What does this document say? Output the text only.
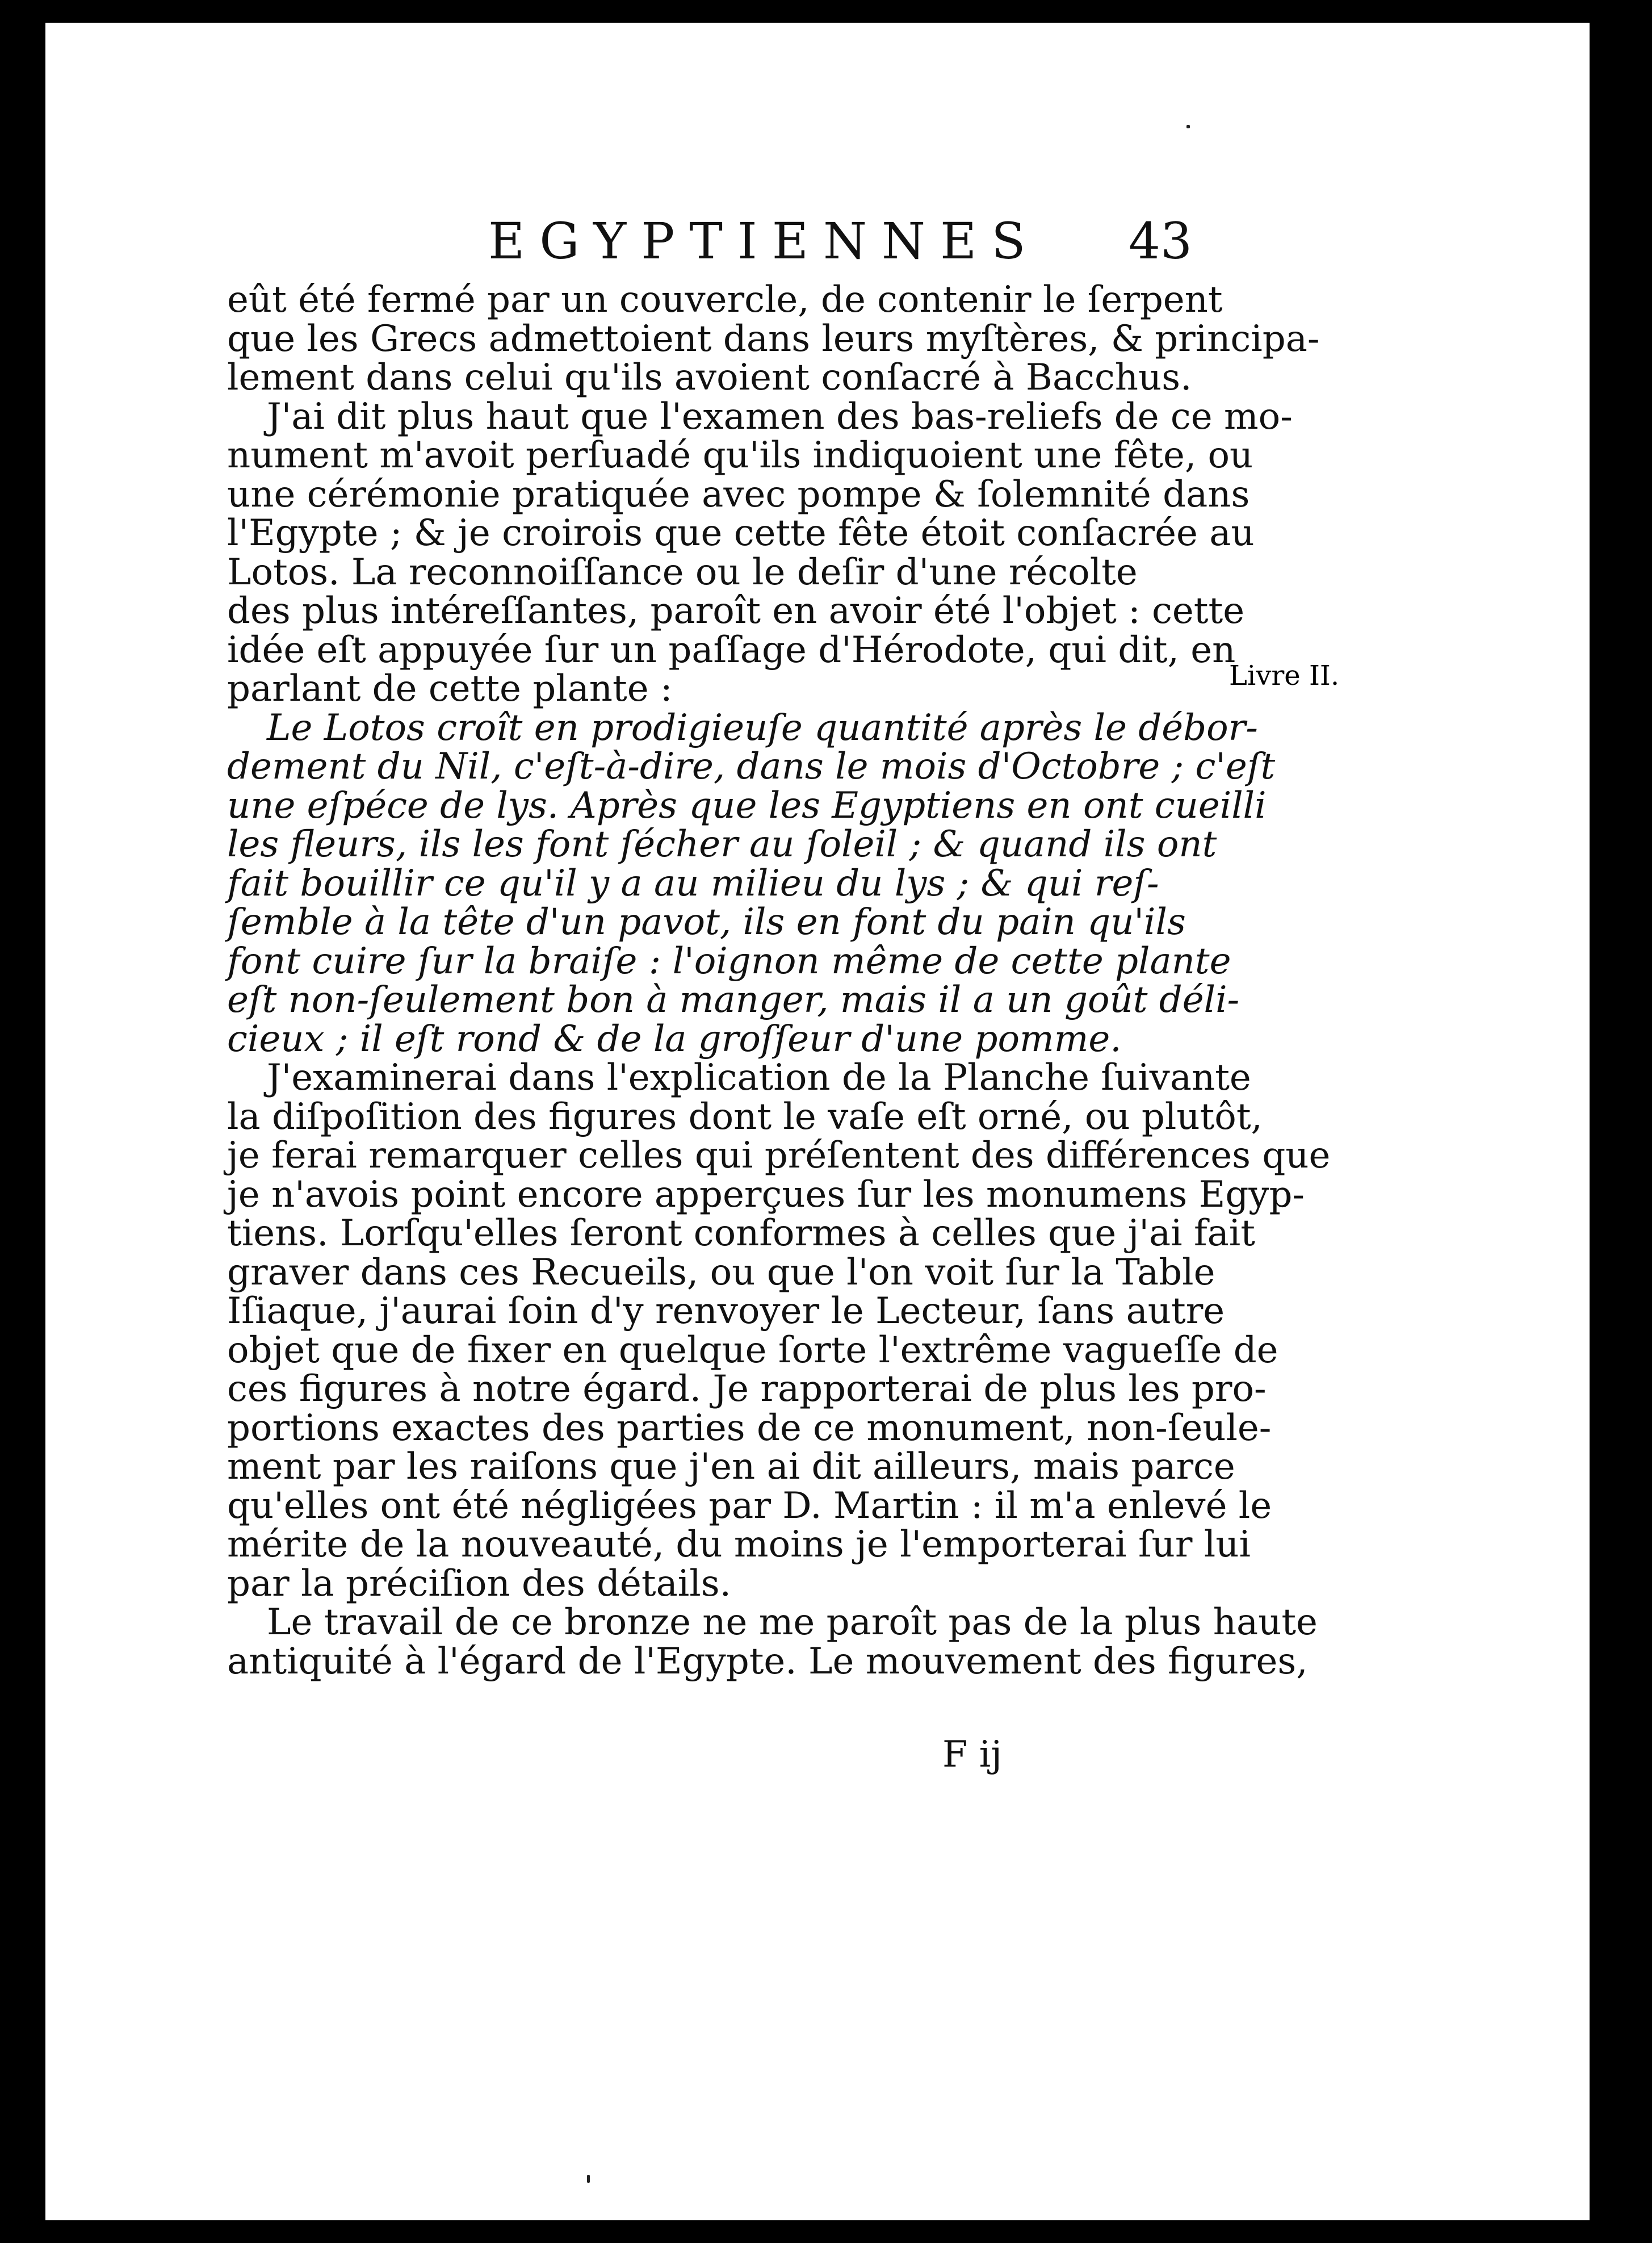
EGYPTIENNES 43
eût été fermé par un couvercle, de contenir le ſerpent
que les Grecs admettoient dans leurs myſtères, & principa-
lement dans celui qu'ils avoient conſacré à Bacchus.
J'ai dit plus haut que l'examen des bas-reliefs de ce mo-
nument m'avoit perſuadé qu'ils indiquoient une fête, ou
une cérémonie pratiquée avec pompe & ſolemnité dans
l'Egypte ; & je croirois que cette fête étoit conſacrée au
Lotos. La reconnoiſſance ou le deſir d'une récolte
des plus intéreſſantes, paroît en avoir été l'objet : cette
idée eſt appuyée ſur un paſſage d'Hérodote, qui dit, en
parlant de cette plante :
Le Lotos croît en prodigieuſe quantité après le débor-
dement du Nil, c'eſt-à-dire, dans le mois d'Octobre ; c'eſt
une eſpéce de lys. Après que les Egyptiens en ont cueilli
les fleurs, ils les font ſécher au ſoleil ; & quand ils ont
fait bouillir ce qu'il y a au milieu du lys ; & qui reſ-
ſemble à la tête d'un pavot, ils en font du pain qu'ils
font cuire ſur la braiſe : l'oignon même de cette plante
eſt non-ſeulement bon à manger, mais il a un goût déli-
cieux ; il eſt rond & de la groſſeur d'une pomme.
J'examinerai dans l'explication de la Planche ſuivante
la diſpoſition des figures dont le vaſe eſt orné, ou plutôt,
je ferai remarquer celles qui préſentent des différences que
je n'avois point encore apperçues ſur les monumens Egyp-
tiens. Lorſqu'elles ſeront conformes à celles que j'ai fait
graver dans ces Recueils, ou que l'on voit ſur la Table
Iſiaque, j'aurai ſoin d'y renvoyer le Lecteur, ſans autre
objet que de fixer en quelque ſorte l'extrême vagueſſe de
ces figures à notre égard. Je rapporterai de plus les pro-
portions exactes des parties de ce monument, non-ſeule-
ment par les raiſons que j'en ai dit ailleurs, mais parce
qu'elles ont été négligées par D. Martin : il m'a enlevé le
mérite de la nouveauté, du moins je l'emporterai ſur lui
par la préciſion des détails.
Le travail de ce bronze ne me paroît pas de la plus haute
antiquité à l'égard de l'Egypte. Le mouvement des figures,
F ij
Livre II.
